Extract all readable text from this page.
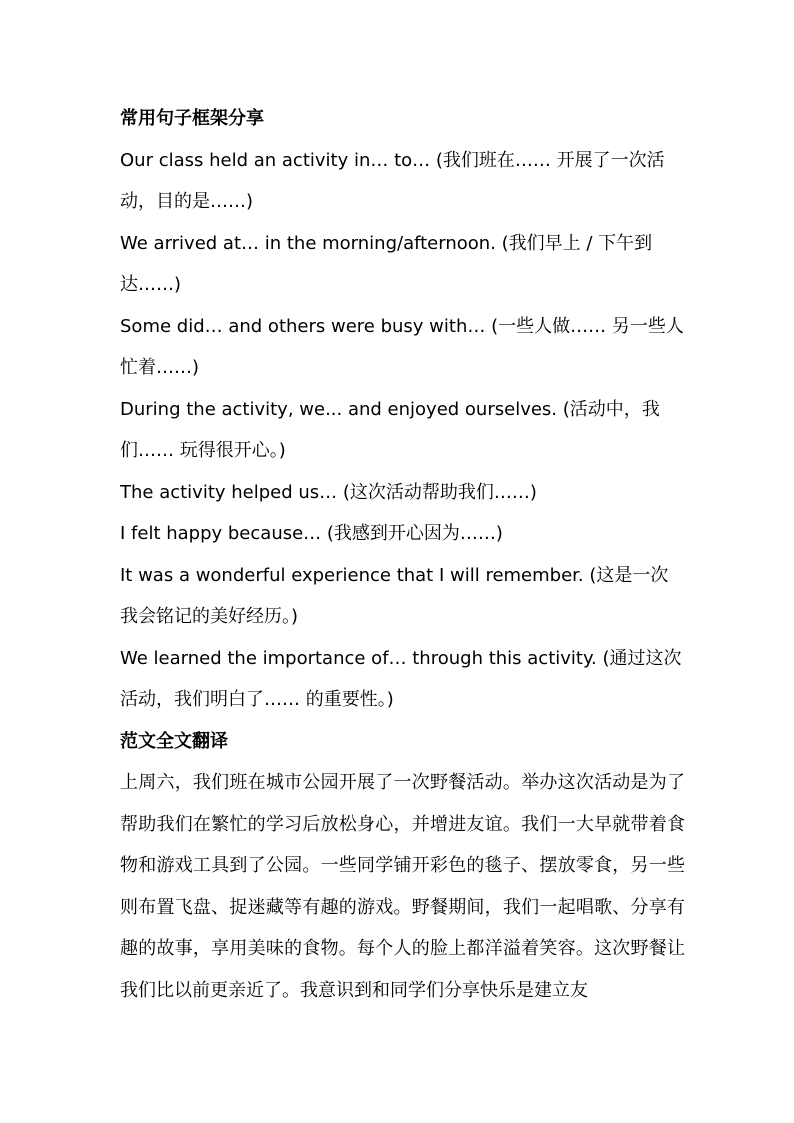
常用句子框架分享

Our class held an activity in… to… (我们班在…… 开展了一次活动，目的是……)

We arrived at… in the morning/afternoon. (我们早上 / 下午到达……)

Some did… and others were busy with… (一些人做…… 另一些人忙着……)

During the activity, we... and enjoyed ourselves. (活动中，我们…… 玩得很开心。)

The activity helped us… (这次活动帮助我们……)

I felt happy because… (我感到开心因为……)

It was a wonderful experience that I will remember. (这是一次我会铭记的美好经历。)

We learned the importance of… through this activity. (通过这次活动，我们明白了…… 的重要性。)

范文全文翻译

上周六，我们班在城市公园开展了一次野餐活动。举办这次活动是为了帮助我们在繁忙的学习后放松身心，并增进友谊。我们一大早就带着食物和游戏工具到了公园。一些同学铺开彩色的毯子、摆放零食，另一些则布置飞盘、捉迷藏等有趣的游戏。野餐期间，我们一起唱歌、分享有趣的故事，享用美味的食物。每个人的脸上都洋溢着笑容。这次野餐让我们比以前更亲近了。我意识到和同学们分享快乐是建立友
